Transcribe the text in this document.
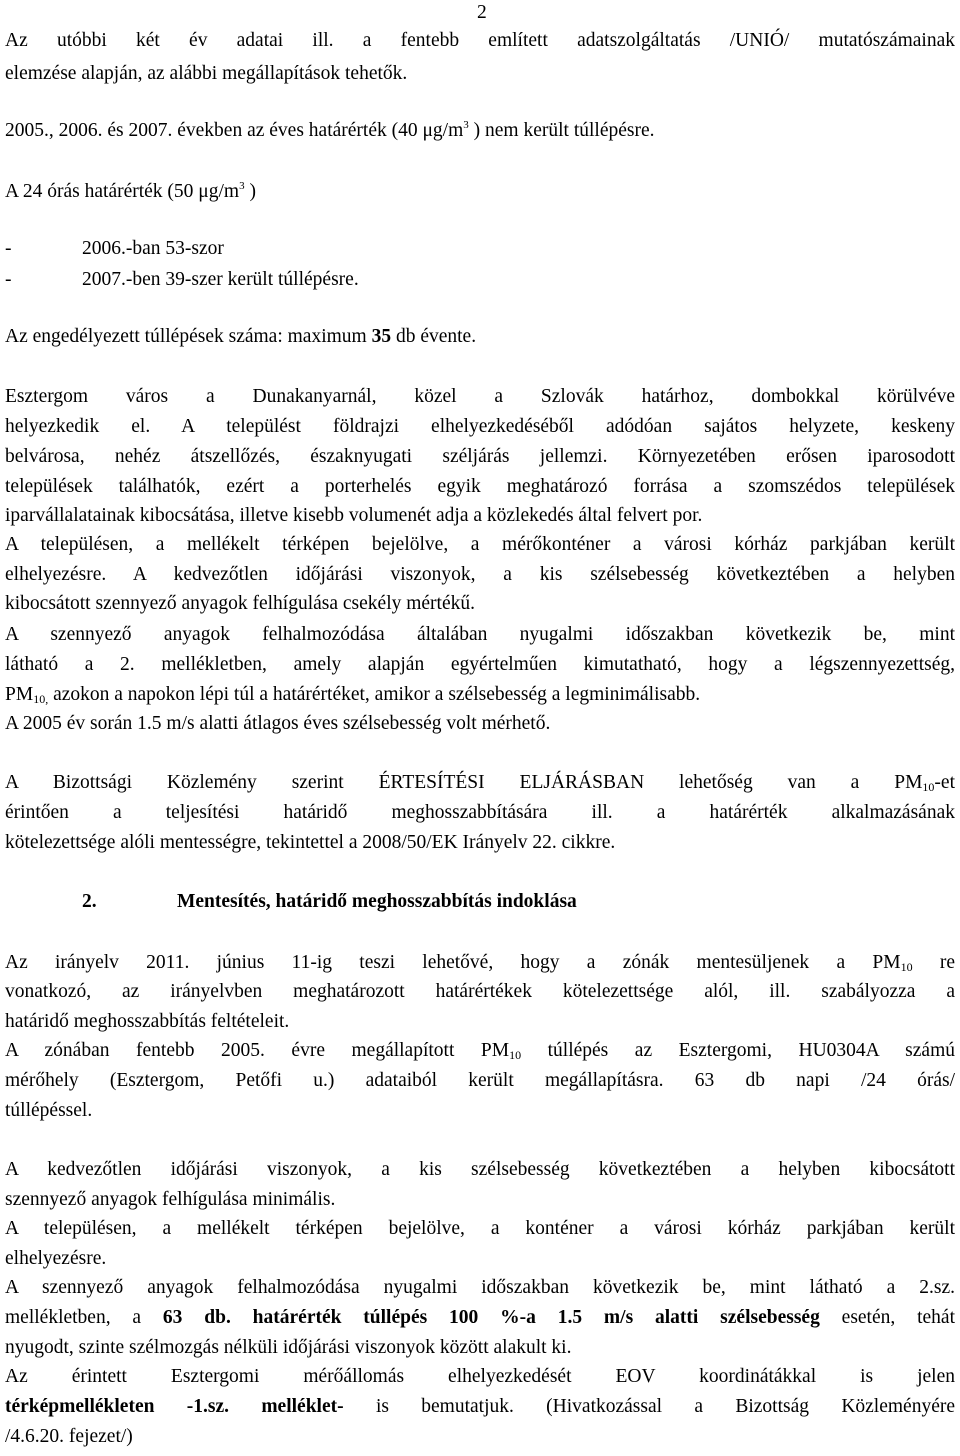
2
Az utóbbi két év adatai ill. a fentebb említett adatszolgáltatás /UNIÓ/ mutatószámainak
elemzése alapján, az alábbi megállapítások tehetők.
2005., 2006. és 2007. években az éves határérték (40 $\mu g/m^3$ ) nem került túllépésre.
A 24 órás határérték (50 $\mu g/m^3$ )
-	2006.-ban 53-szor
-	2007.-ben 39-szer került túllépésre.
Az engedélyezett túllépések száma: maximum 35 db évente.
Esztergom város a Dunakanyarnál, közel a Szlovák határhoz, dombokkal körülvéve
helyezkedik el. A települést földrajzi elhelyezkedéséből adódóan sajátos helyzete, keskeny
belvárosa, nehéz átszellőzés, északnyugati széljárás jellemzi. Környezetében erősen iparosodott
települések találhatók, ezért a porterhelés egyik meghatározó forrása a szomszédos települések
iparvállalatainak kibocsátása, illetve kisebb volumenét adja a közlekedés által felvert por.
A településen, a mellékelt térképen bejelölve, a mérőkonténer a városi kórház parkjában került
elhelyezésre. A kedvezőtlen időjárási viszonyok, a kis szélsebesség következtében a helyben
kibocsátott szennyező anyagok felhígulása csekély mértékű.
A szennyező anyagok felhalmozódása általában nyugalmi időszakban következik be, mint
látható a 2. mellékletben, amely alapján egyértelműen kimutatható, hogy a légszennyezettség,
$PM_{10,}$ azokon a napokon lépi túl a határértéket, amikor a szélsebesség a legminimálisabb.
A 2005 év során 1.5 m/s alatti átlagos éves szélsebesség volt mérhető.
A Bizottsági Közlemény szerint ÉRTESÍTÉSI ELJÁRÁSBAN lehetőség van a $PM_{10}-et$
érintően a teljesítési határidő meghosszabbítására ill. a határérték alkalmazásának
kötelezettsége alóli mentességre, tekintettel a 2008/50/EK Irányelv 22. cikkre.
2.	Mentesítés, határidő meghosszabbítás indoklása
Az irányelv 2011. június 11-ig teszi lehetővé, hogy a zónák mentesüljenek a $PM_{10}$ re
vonatkozó, az irányelvben meghatározott határértékek kötelezettsége alól, ill. szabályozza a
határidő meghosszabbítás feltételeit.
A zónában fentebb 2005. évre megállapított $PM_{10}$ túllépés az Esztergomi, HU0304A számú
mérőhely (Esztergom, Petőfi u.) adataiból került megállapításra. 63 db napi /24 órás/
túllépéssel.
A kedvezőtlen időjárási viszonyok, a kis szélsebesség következtében a helyben kibocsátott
szennyező anyagok felhígulása minimális.
A településen, a mellékelt térképen bejelölve, a konténer a városi kórház parkjában került
elhelyezésre.
A szennyező anyagok felhalmozódása nyugalmi időszakban következik be, mint látható a 2.sz.
mellékletben, a 63 db. határérték túllépés 100 %-a 1.5 m/s alatti szélsebesség esetén, tehát
nyugodt, szinte szélmozgás nélküli időjárási viszonyok között alakult ki.
Az érintett Esztergomi mérőállomás elhelyezkedését EOV koordinátákkal is jelen
térképmellékleten -1.sz. melléklet- is bemutatjuk. (Hivatkozással a Bizottság Közleményére
/4.6.20. fejezet/)
